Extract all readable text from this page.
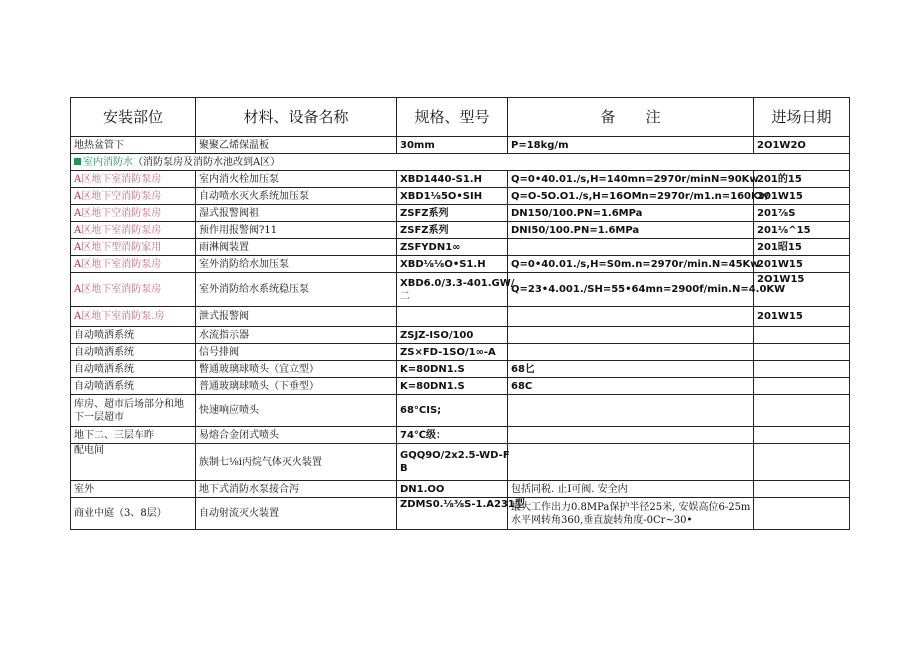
安装部位	材料、设备名称	规格、型号	备　　注	进场日期
地热盆管下	聚聚乙烯保温板	30mm	P=18kg/m	2O1W2O
室内消防水（消防泵房及消防水池改到A区）				
A区地下室消防泵房	室内消火栓加压泵	XBD1440-S1.H	Q=0•40.01./s,H=140mn=2970r/minN=90Kw	201的15
A区地下空消防泵房	自动喷水灭火系统加压泵	XBD1⅛5O•SIH	Q=O-5O.O1./s,H=16OMn=2970r/m1.n=160Kv/	201W15
A区地下空消防泵房	湿式报警阀祖	ZSFZ系列	DN150/100.PN=1.6MPa	201⅞S
A区地下室消防泵房	预作用报警阀?11	ZSFZ系列	DNI50/100.PN=1.6MPa	201⅛^15
A区地下型消防家用	雨淋阀装置	ZSFYDN1∞		201昭15
A区地下室消防泵房	室外消防给水加压泵	XBD⅛⅛O•S1.H	Q=0•40.01./s,H=S0m.n=2970r/min.N=45Kw	201W15
A区地下室消防泵房	室外消防给水系统稳压泵	XBD6.0/3.3-401.GW/
二	Q=23•4.001./SH=55•64mn=2900f/min.N=4.0KW	2O1W15
A区地下室消防泵.房	泄式报警阀			201W15
自动喷洒系统	水流指示器	ZSJZ-ISO/100		
自动喷洒系统	信号排阀	ZS×FD-1SO/1∞-A		
自动喷洒系统	瞥通玻璃球喷头（宜立型）	K=80DN1.S	68匕	
自动喷洒系统	普通玻璃球喷头（下垂型）	K=80DN1.S	68C	

库房、超市后场部分和地
下一层超市	快速响应喷头	68°CIS;		
地下二、三层车昨	易熔合金闭式喷头	74℃级：		
配电间	族制七⅛i丙烷气体灭火装置	GQQ9O/2x2.5-WD-F
B		

室外	地下式消防水泵接合泻	DN1.OO	包括同税. 止I可阀. 安全内	
商业中庭（3、8层）	自动射流灭火装置	ZDMS0.⅛⅜S-1.A231型	最大工作出力0.8MPa保护半径25米, 安娱高位6-25m
水平网转角360,垂直旋转角度-0Cr~30•	
